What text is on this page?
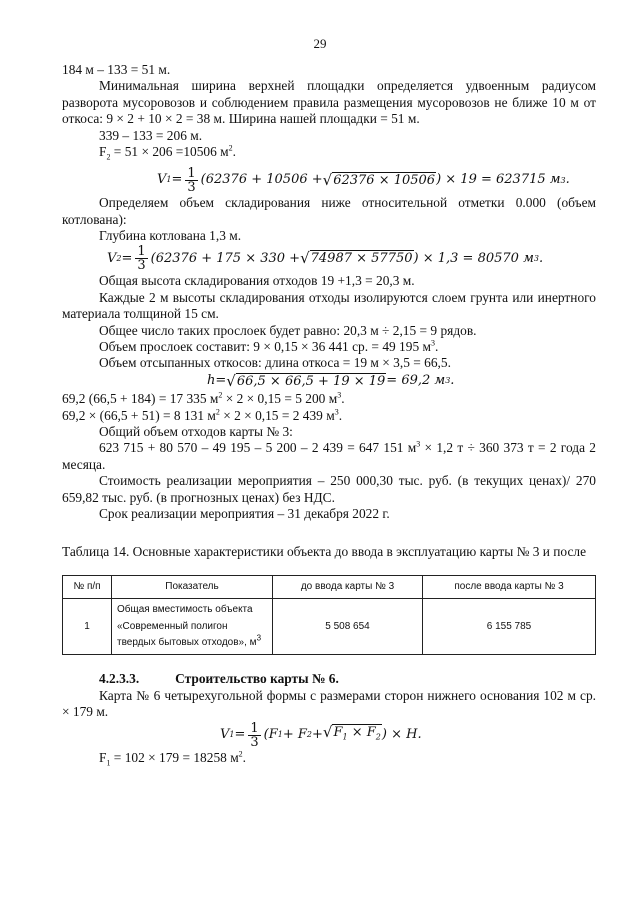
29

184 м – 133 = 51 м.

Минимальная ширина верхней площадки определяется удвоенным радиусом разворота мусоровозов и соблюдением правила размещения мусоровозов не ближе 10 м от откоса: 9 × 2 + 10 × 2 = 38 м. Ширина нашей площадки = 51 м.

339 – 133 = 206 м.

$F_2 = 51 \times 206 =10506$ $м^2$.

V $1 = \frac{1}{3} (62376 + 10506$ + √ 62376 × 10506 ) × 19 = 623715 м 3 .

Определяем объем складирования ниже относительной отметки 0.000 (объем котлована):

Глубина котлована 1,3 м.

V $2 = \frac{1}{3} (62376 + 175 \times 330$ + √ 74987 × 57750 ) × 1,3 = 80570 м 3 .

Общая высота складирования отходов 19 +1,3 = 20,3 м.

Каждые 2 м высоты складирования отходы изолируются слоем грунта или инертного материала толщиной 15 см.

Общее число таких прослоек будет равно: 20,3 м ÷ 2,15 = 9 рядов.

Объем прослоек составит: 9 × 0,15 × 36 441 ср. = 49 195 $м^3$.

Объем отсыпанных откосов: длина откоса = 19 м × 3,5 = 66,5.

h = √ 66,5 × 66,5 + 19 × 19 = 69,2 м 3 .

69,2 (66,5 + 184) = 17 335 $м^2 \times 2 \times 0,15 = 5$ 200 $м^3$.

69,2 × (66,5 + 51) = 8 131 $м^2 \times 2 \times 0,15 = 2$ 439 $м^3$.

Общий объем отходов карты № 3:

623 715 + 80 570 – 49 195 – 5 200 – 2 439 = 647 151 $м^3 \times 1,2$ т ÷ 360 373 т = 2 года 2 месяца.

Стоимость реализации мероприятия – 250 000,30 тыс. руб. (в текущих ценах)/ 270 659,82 тыс. руб. (в прогнозных ценах) без НДС.

Срок реализации мероприятия – 31 декабря 2022 г.

Таблица 14. Основные характеристики объекта до ввода в эксплуатацию карты № 3 и после

№ п/п	Показатель	до ввода карты № 3	после ввода карты № 3
1	Общая вместимость объекта «Современный полигон твердых бытовых отходов», $м^3$	5 508 654	6 155 785

4.2.3.3.	Строительство карты № 6.

Карта № 6 четырехугольной формы с размерами сторон нижнего основания 102 м ср. × 179 м.

V $1 = \frac{1}{3} (F$ 1 + F 2 + √ $F_1 \times F_2$ ) × H.

$F_1 = 102 \times 179 = 18258$ $м^2$.
